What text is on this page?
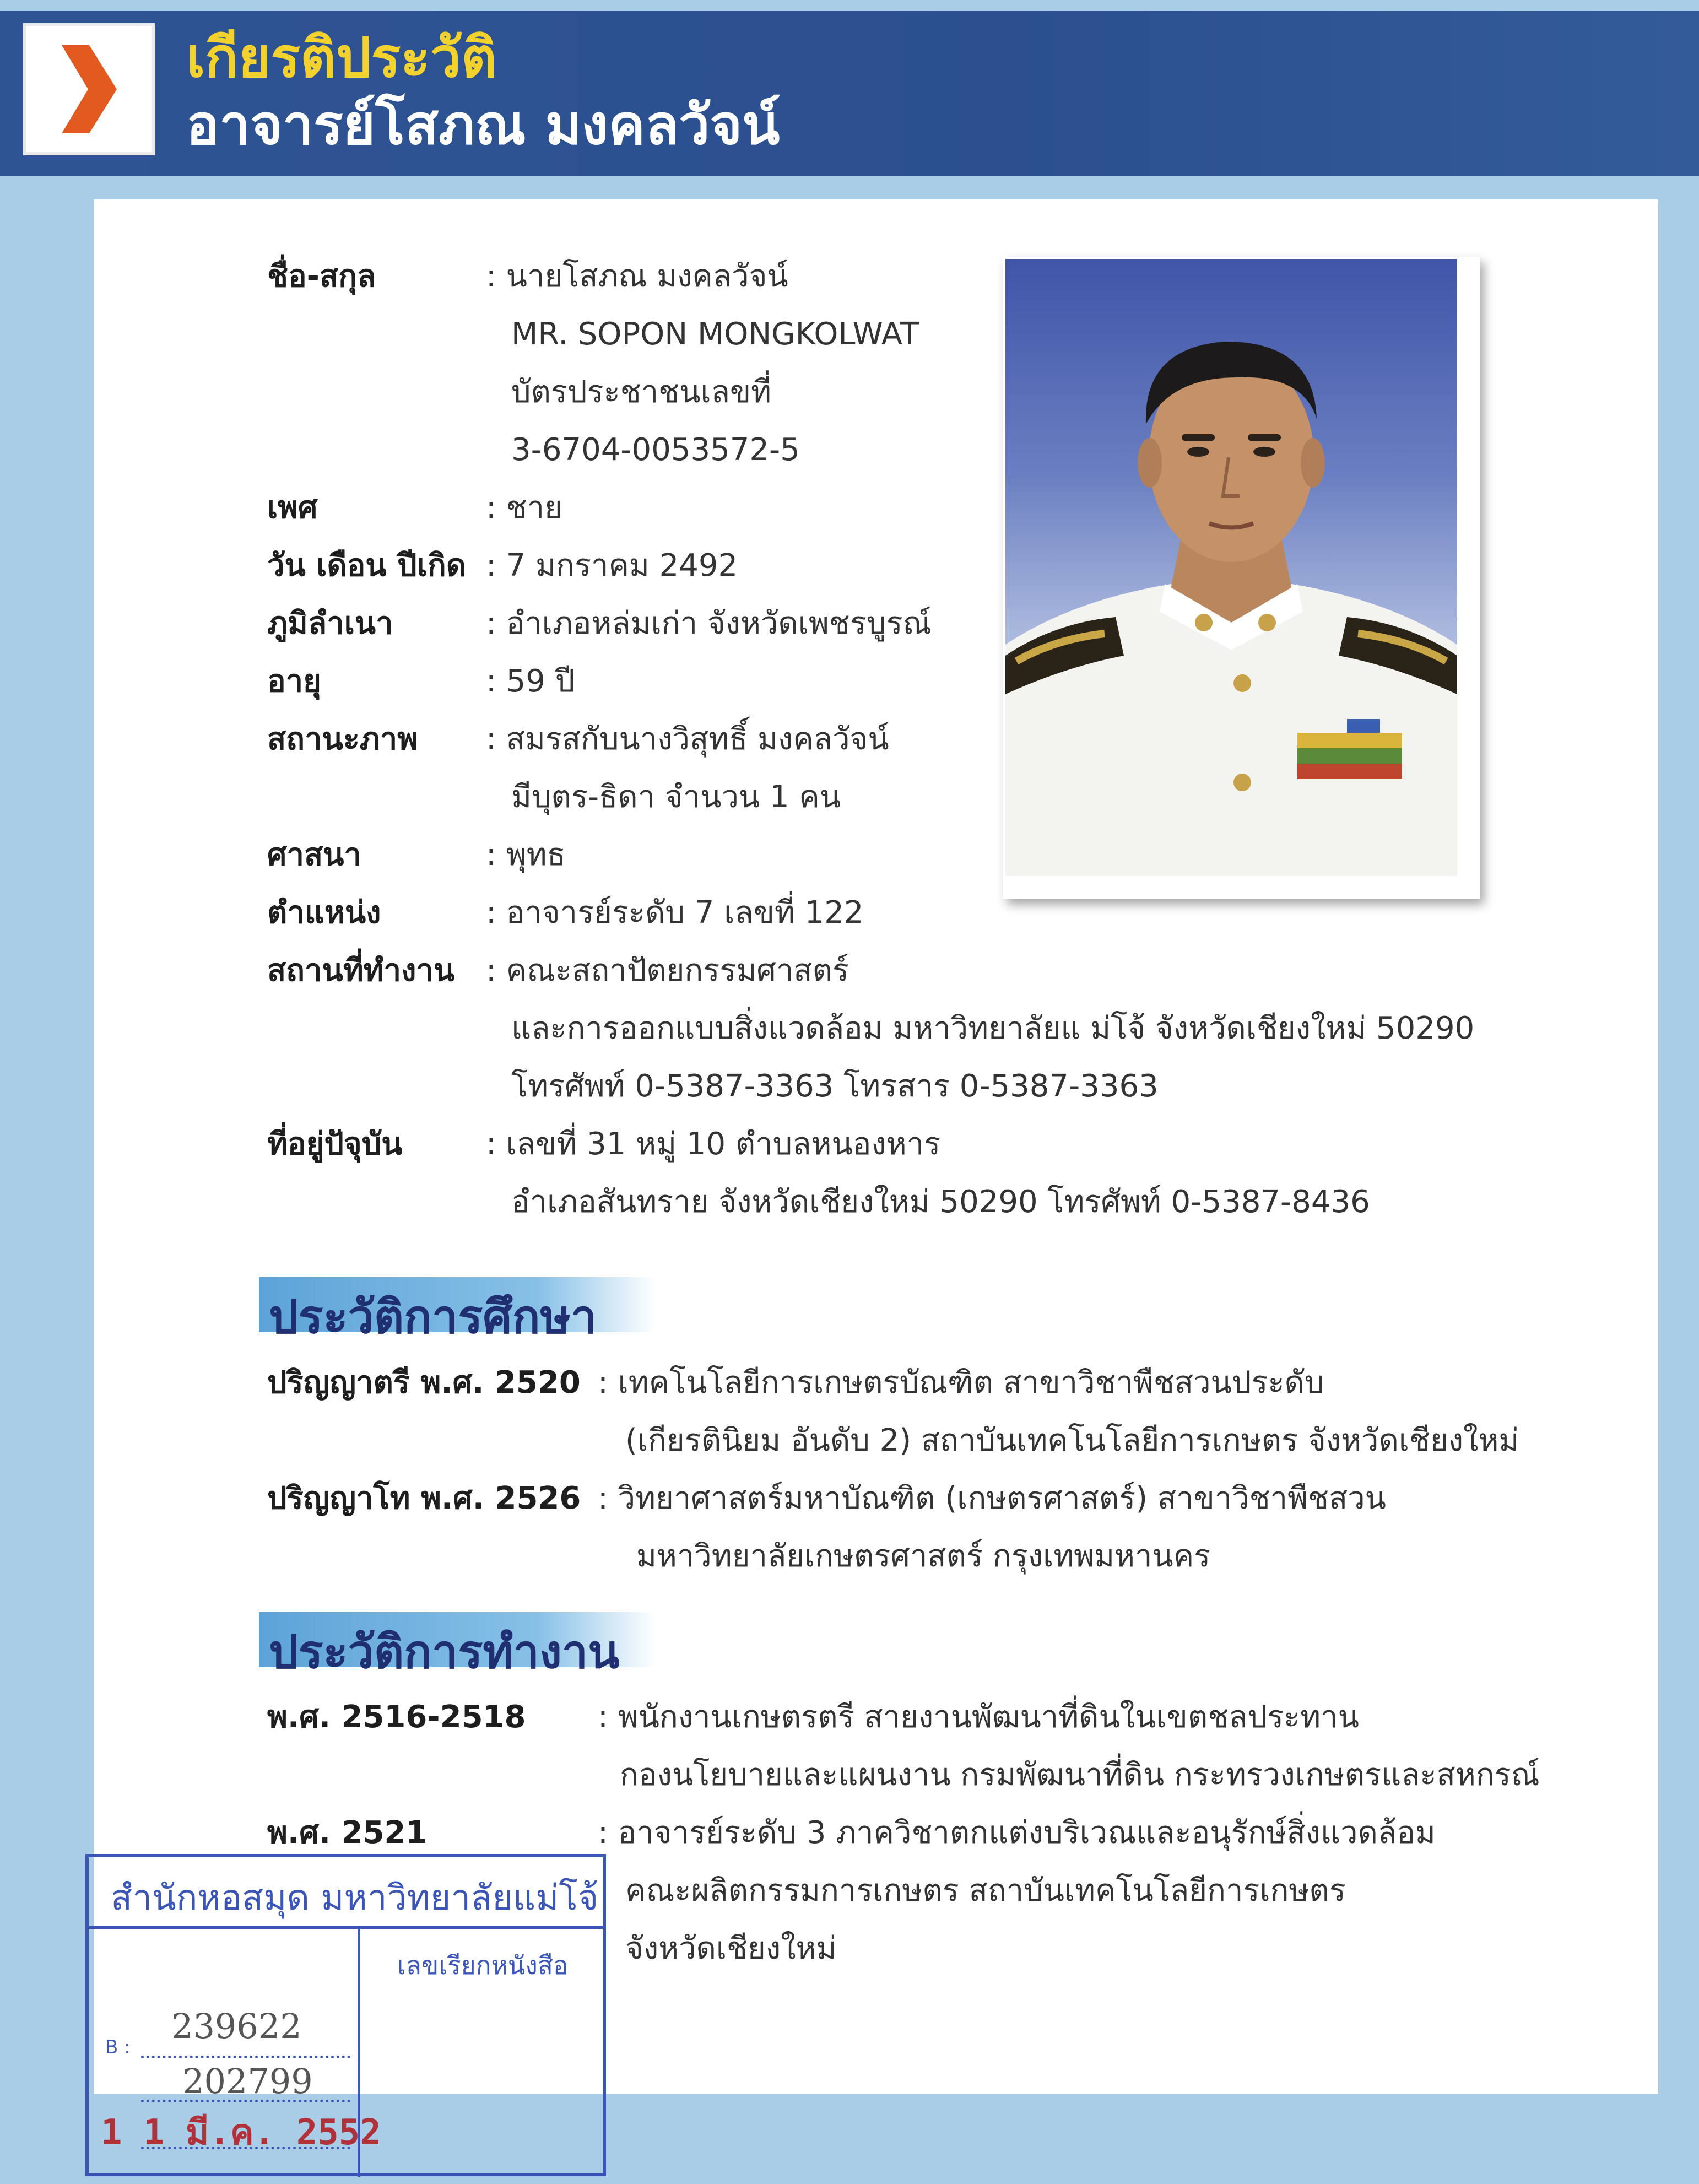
เกียรติประวัติ
อาจารย์โสภณ มงคลวัจน์
ชื่อ-สกุล	: นายโสภณ มงคลวัจน์
MR. SOPON MONGKOLWAT
บัตรประชาชนเลขที่
3-6704-0053572-5
เพศ	: ชาย
วัน เดือน ปีเกิด : 7 มกราคม 2492
ภูมิลำเนา	: อำเภอหล่มเก่า จังหวัดเพชรบูรณ์
อายุ	: 59 ปี
สถานะภาพ : สมรสกับนางวิสุทธิ์ มงคลวัจน์
มีบุตร-ธิดา จำนวน 1 คน
ศาสนา	: พุทธ
ตำแหน่ง	: อาจารย์ระดับ 7 เลขที่ 122
สถานที่ทำงาน : คณะสถาปัตยกรรมศาสตร์
และการออกแบบสิ่งแวดล้อม มหาวิทยาลัยแ ม่โจ้ จังหวัดเชียงใหม่ 50290
โทรศัพท์ 0-5387-3363 โทรสาร 0-5387-3363
ที่อยู่ปัจุบัน	: เลขที่ 31 หมู่ 10 ตำบลหนองหาร
อำเภอสันทราย จังหวัดเชียงใหม่ 50290 โทรศัพท์ 0-5387-8436
ประวัติการศึกษา
ปริญญาตรี พ.ศ. 2520 : เทคโนโลยีการเกษตรบัณฑิต สาขาวิชาพืชสวนประดับ
(เกียรตินิยม อันดับ 2) สถาบันเทคโนโลยีการเกษตร จังหวัดเชียงใหม่
ปริญญาโท พ.ศ. 2526 : วิทยาศาสตร์มหาบัณฑิต (เกษตรศาสตร์) สาขาวิชาพืชสวน
มหาวิทยาลัยเกษตรศาสตร์ กรุงเทพมหานคร
ประวัติการทำงาน
พ.ศ. 2516-2518 : พนักงานเกษตรตรี สายงานพัฒนาที่ดินในเขตชลประทาน
กองนโยบายและแผนงาน กรมพัฒนาที่ดิน กระทรวงเกษตรและสหกรณ์
พ.ศ. 2521	: อาจารย์ระดับ 3 ภาควิชาตกแต่งบริเวณและอนุรักษ์สิ่งแวดล้อม
คณะผลิตกรรมการเกษตร สถาบันเทคโนโลยีการเกษตร
จังหวัดเชียงใหม่
สำนักหอสมุด มหาวิทยาลัยแม่โจ้
เลขเรียกหนังสือ
B :
239622
202799
1 1 มี.ค. 2552
